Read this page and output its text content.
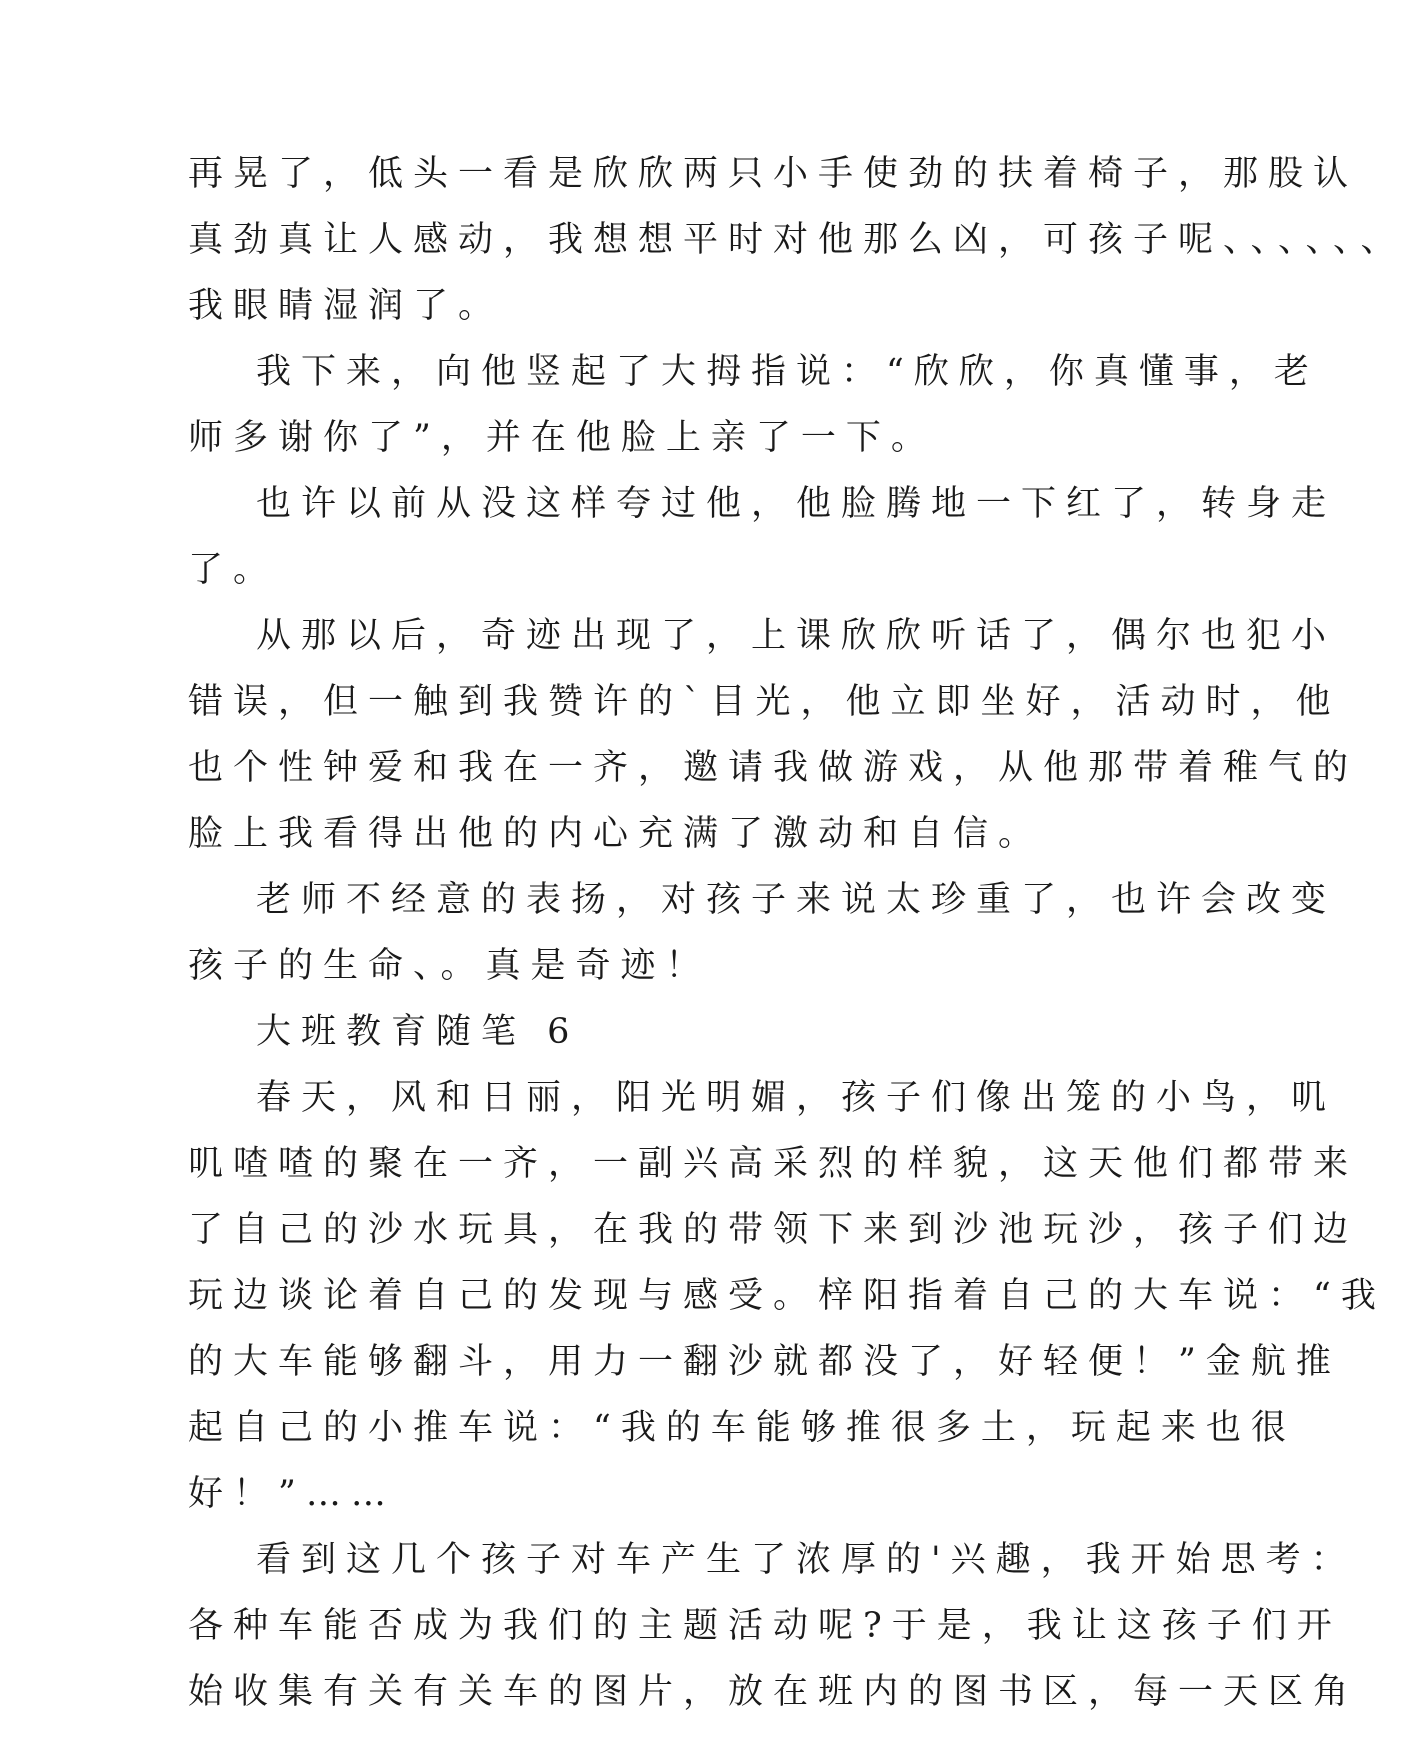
再晃了，低头一看是欣欣两只小手使劲的扶着椅子，那股认
真劲真让人感动，我想想平时对他那么凶，可孩子呢、、、、、、
我眼睛湿润了。
我下来，向他竖起了大拇指说：“欣欣，你真懂事，老
师多谢你了”，并在他脸上亲了一下。
也许以前从没这样夸过他，他脸腾地一下红了，转身走
了。
从那以后，奇迹出现了，上课欣欣听话了，偶尔也犯小
错误，但一触到我赞许的`目光，他立即坐好，活动时，他
也个性钟爱和我在一齐，邀请我做游戏，从他那带着稚气的
脸上我看得出他的内心充满了激动和自信。
老师不经意的表扬，对孩子来说太珍重了，也许会改变
孩子的生命、。真是奇迹！
大班教育随笔 6
春天，风和日丽，阳光明媚，孩子们像出笼的小鸟，叽
叽喳喳的聚在一齐，一副兴高采烈的样貌，这天他们都带来
了自己的沙水玩具，在我的带领下来到沙池玩沙，孩子们边
玩边谈论着自己的发现与感受。梓阳指着自己的大车说：“我
的大车能够翻斗，用力一翻沙就都没了，好轻便！”金航推
起自己的小推车说：“我的车能够推很多土，玩起来也很
好！”……
看到这几个孩子对车产生了浓厚的'兴趣，我开始思考：
各种车能否成为我们的主题活动呢?于是，我让这孩子们开
始收集有关有关车的图片，放在班内的图书区，每一天区角
